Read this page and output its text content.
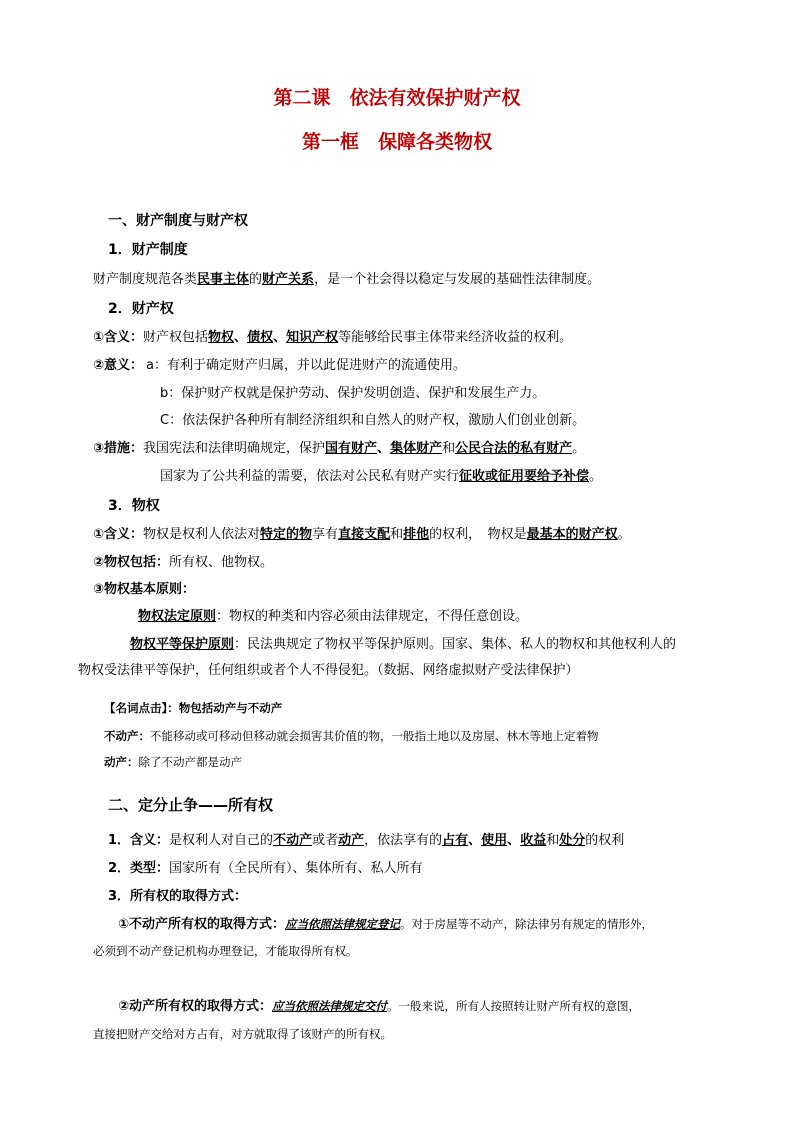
第二课　依法有效保护财产权
第一框　保障各类物权
一、财产制度与财产权
1．财产制度
财产制度规范各类民事主体的财产关系，是一个社会得以稳定与发展的基础性法律制度。
2．财产权
①含义：财产权包括物权、债权、知识产权等能够给民事主体带来经济收益的权利。
②意义： a：有利于确定财产归属，并以此促进财产的流通使用。
b：保护财产权就是保护劳动、保护发明创造、保护和发展生产力。
C：依法保护各种所有制经济组织和自然人的财产权，激励人们创业创新。
③措施：我国宪法和法律明确规定，保护国有财产、集体财产和公民合法的私有财产。
国家为了公共利益的需要，依法对公民私有财产实行征收或征用要给予补偿。
3．物权
①含义：物权是权利人依法对特定的物享有直接支配和排他的权利，　物权是最基本的财产权。
②物权包括：所有权、他物权。
③物权基本原则：
物权法定原则：物权的种类和内容必须由法律规定，不得任意创设。
物权平等保护原则：民法典规定了物权平等保护原则。国家、集体、私人的物权和其他权利人的
物权受法律平等保护，任何组织或者个人不得侵犯。（数据、网络虚拟财产受法律保护）
【名词点击】：物包括动产与不动产
不动产：不能移动或可移动但移动就会损害其价值的物，一般指土地以及房屋、林木等地上定着物
动产：除了不动产都是动产
二、定分止争——所有权
1．含义：是权利人对自己的不动产或者动产，依法享有的占有、使用、收益和处分的权利
2．类型：国家所有（全民所有）、集体所有、私人所有
3．所有权的取得方式：
①不动产所有权的取得方式：应当依照法律规定登记。对于房屋等不动产，除法律另有规定的情形外，
必须到不动产登记机构办理登记，才能取得所有权。
②动产所有权的取得方式：应当依照法律规定交付。一般来说，所有人按照转让财产所有权的意图，
直接把财产交给对方占有，对方就取得了该财产的所有权。
